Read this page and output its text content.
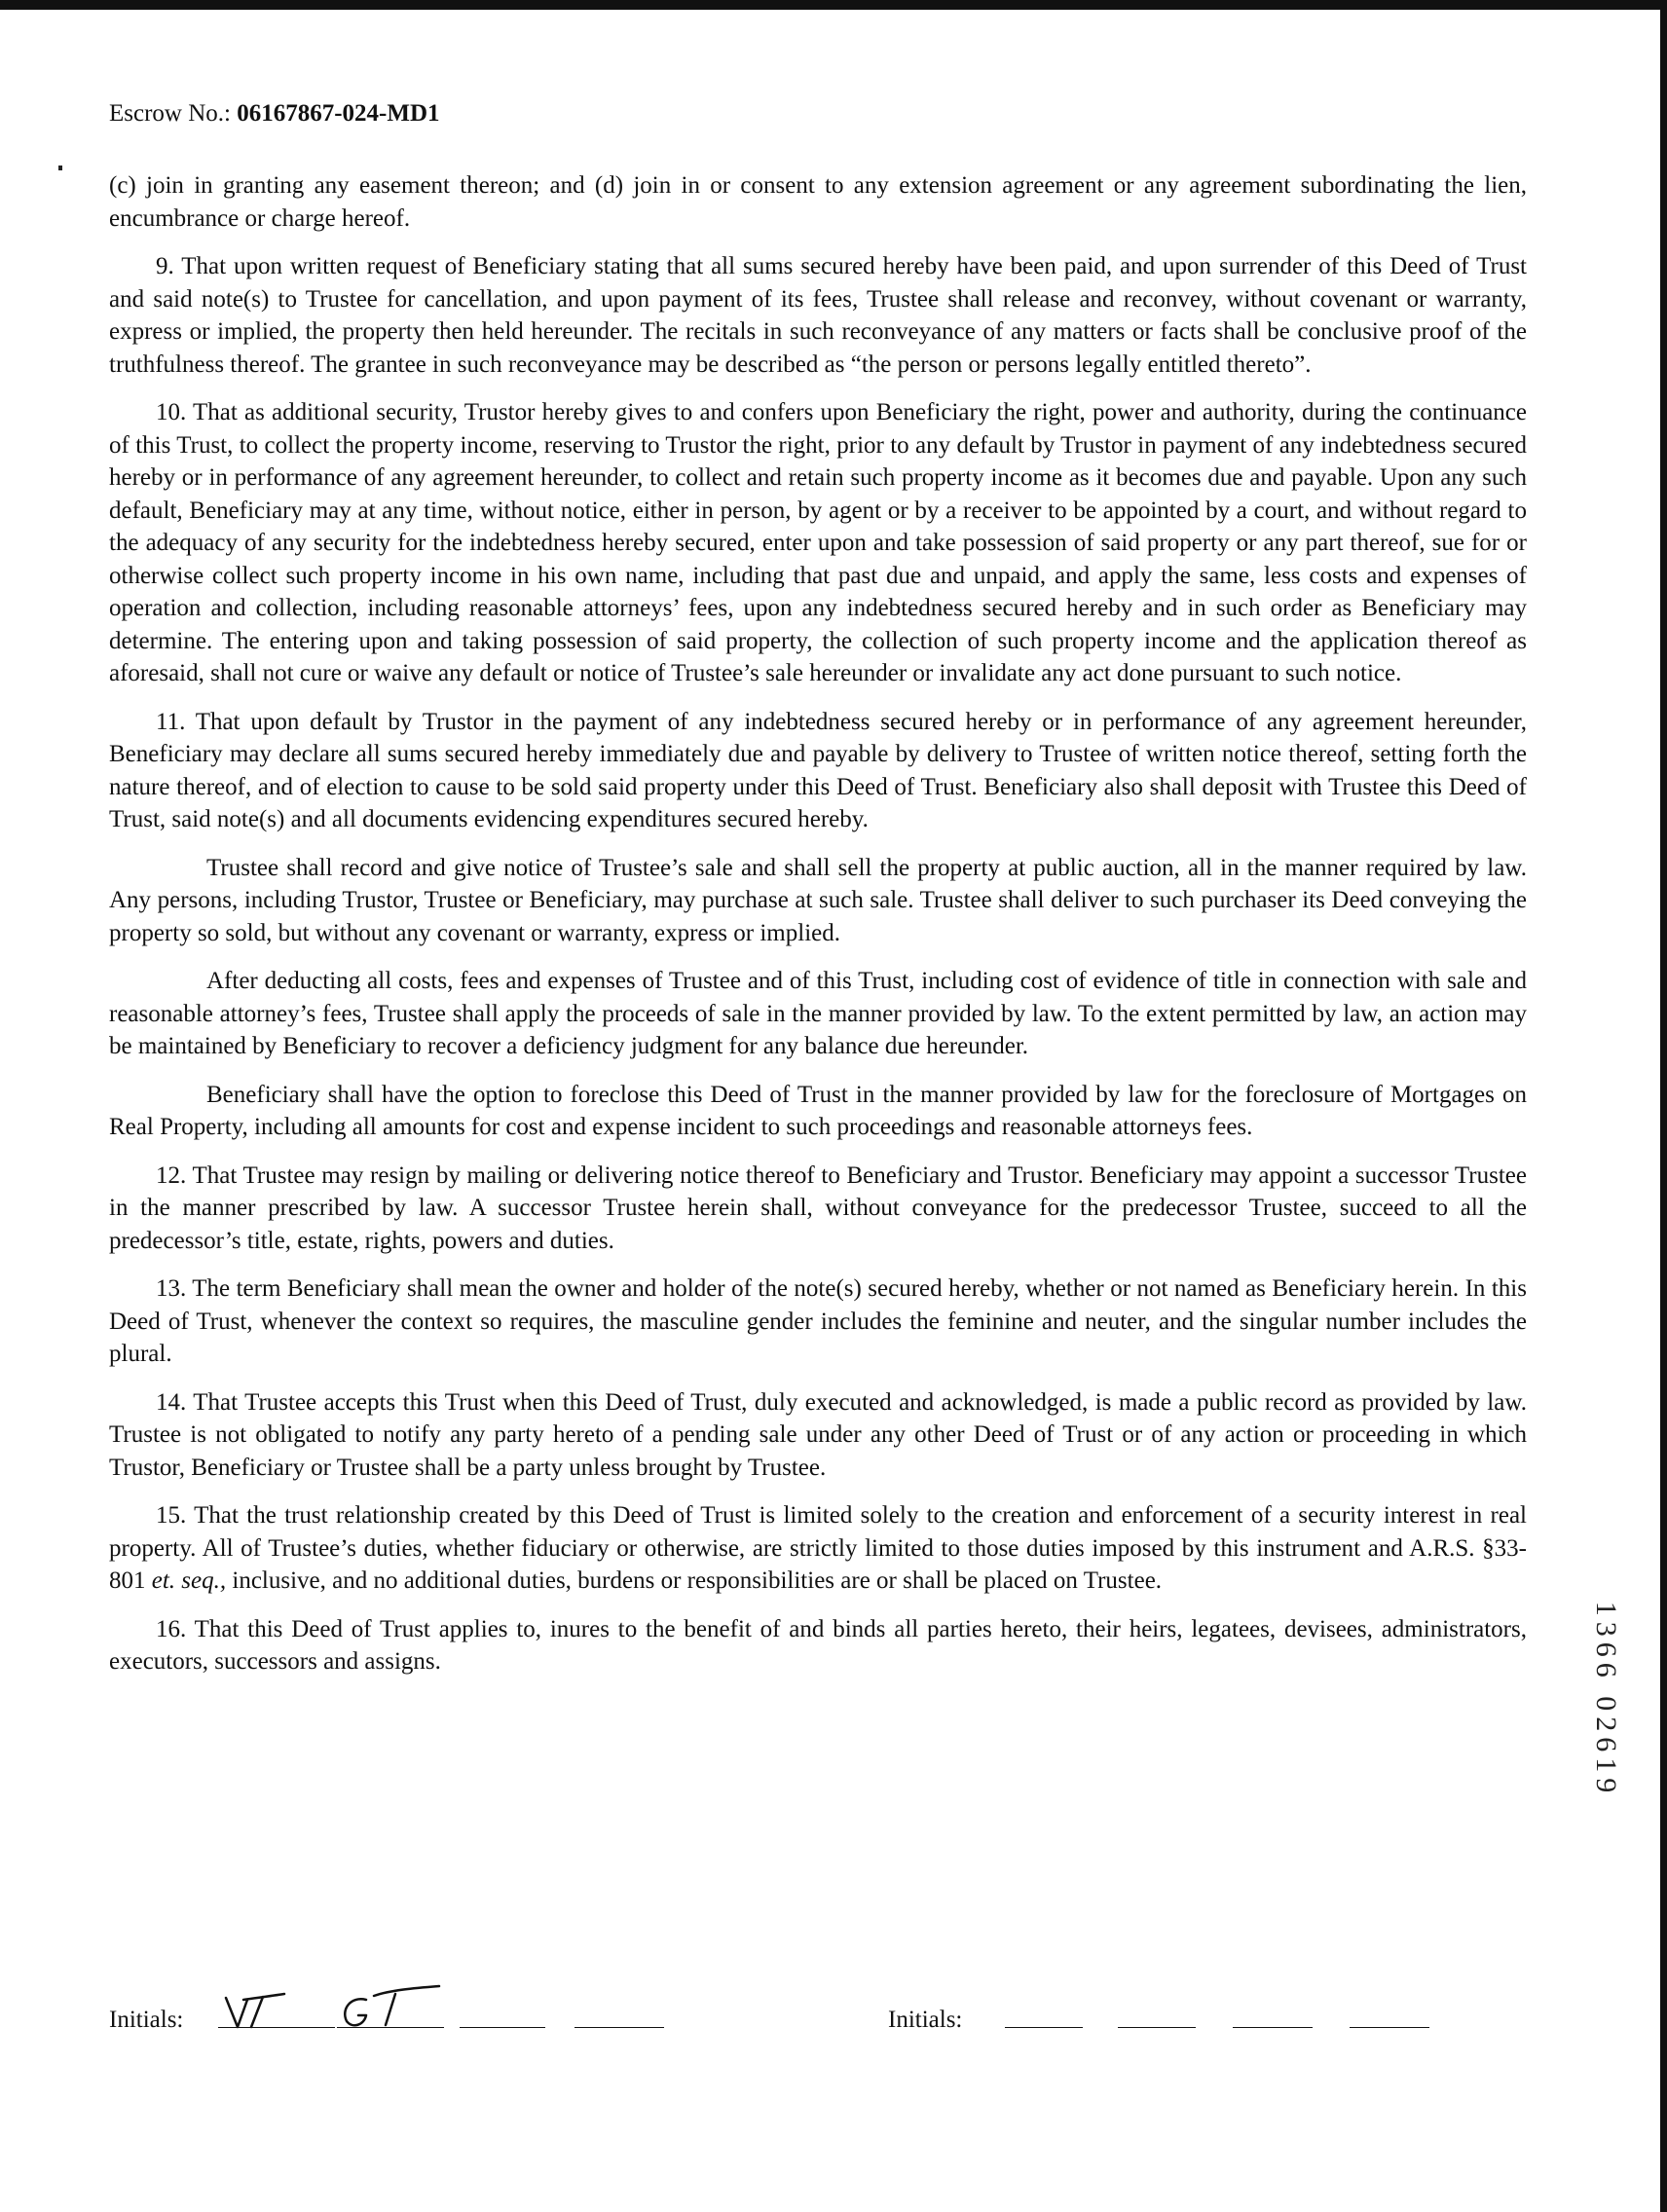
Escrow No.: 06167867-024-MD1

(c) join in granting any easement thereon; and (d) join in or consent to any extension agreement or any agreement subordinating the lien, encumbrance or charge hereof.

9. That upon written request of Beneficiary stating that all sums secured hereby have been paid, and upon surrender of this Deed of Trust and said note(s) to Trustee for cancellation, and upon payment of its fees, Trustee shall release and reconvey, without covenant or warranty, express or implied, the property then held hereunder. The recitals in such reconveyance of any matters or facts shall be conclusive proof of the truthfulness thereof. The grantee in such reconveyance may be described as “the person or persons legally entitled thereto”.

10. That as additional security, Trustor hereby gives to and confers upon Beneficiary the right, power and authority, during the continuance of this Trust, to collect the property income, reserving to Trustor the right, prior to any default by Trustor in payment of any indebtedness secured hereby or in performance of any agreement hereunder, to collect and retain such property income as it becomes due and payable. Upon any such default, Beneficiary may at any time, without notice, either in person, by agent or by a receiver to be appointed by a court, and without regard to the adequacy of any security for the indebtedness hereby secured, enter upon and take possession of said property or any part thereof, sue for or otherwise collect such property income in his own name, including that past due and unpaid, and apply the same, less costs and expenses of operation and collection, including reasonable attorneys’ fees, upon any indebtedness secured hereby and in such order as Beneficiary may determine. The entering upon and taking possession of said property, the collection of such property income and the application thereof as aforesaid, shall not cure or waive any default or notice of Trustee’s sale hereunder or invalidate any act done pursuant to such notice.

11. That upon default by Trustor in the payment of any indebtedness secured hereby or in performance of any agreement hereunder, Beneficiary may declare all sums secured hereby immediately due and payable by delivery to Trustee of written notice thereof, setting forth the nature thereof, and of election to cause to be sold said property under this Deed of Trust. Beneficiary also shall deposit with Trustee this Deed of Trust, said note(s) and all documents evidencing expenditures secured hereby.

Trustee shall record and give notice of Trustee’s sale and shall sell the property at public auction, all in the manner required by law. Any persons, including Trustor, Trustee or Beneficiary, may purchase at such sale. Trustee shall deliver to such purchaser its Deed conveying the property so sold, but without any covenant or warranty, express or implied.

After deducting all costs, fees and expenses of Trustee and of this Trust, including cost of evidence of title in connection with sale and reasonable attorney’s fees, Trustee shall apply the proceeds of sale in the manner provided by law. To the extent permitted by law, an action may be maintained by Beneficiary to recover a deficiency judgment for any balance due hereunder.

Beneficiary shall have the option to foreclose this Deed of Trust in the manner provided by law for the foreclosure of Mortgages on Real Property, including all amounts for cost and expense incident to such proceedings and reasonable attorneys fees.

12. That Trustee may resign by mailing or delivering notice thereof to Beneficiary and Trustor. Beneficiary may appoint a successor Trustee in the manner prescribed by law. A successor Trustee herein shall, without conveyance for the predecessor Trustee, succeed to all the predecessor’s title, estate, rights, powers and duties.

13. The term Beneficiary shall mean the owner and holder of the note(s) secured hereby, whether or not named as Beneficiary herein. In this Deed of Trust, whenever the context so requires, the masculine gender includes the feminine and neuter, and the singular number includes the plural.

14. That Trustee accepts this Trust when this Deed of Trust, duly executed and acknowledged, is made a public record as provided by law. Trustee is not obligated to notify any party hereto of a pending sale under any other Deed of Trust or of any action or proceeding in which Trustor, Beneficiary or Trustee shall be a party unless brought by Trustee.

15. That the trust relationship created by this Deed of Trust is limited solely to the creation and enforcement of a security interest in real property. All of Trustee’s duties, whether fiduciary or otherwise, are strictly limited to those duties imposed by this instrument and A.R.S. §33-801 et. seq., inclusive, and no additional duties, burdens or responsibilities are or shall be placed on Trustee.

16. That this Deed of Trust applies to, inures to the benefit of and binds all parties hereto, their heirs, legatees, devisees, administrators, executors, successors and assigns.	1366 02619
Initials:	Initials:
